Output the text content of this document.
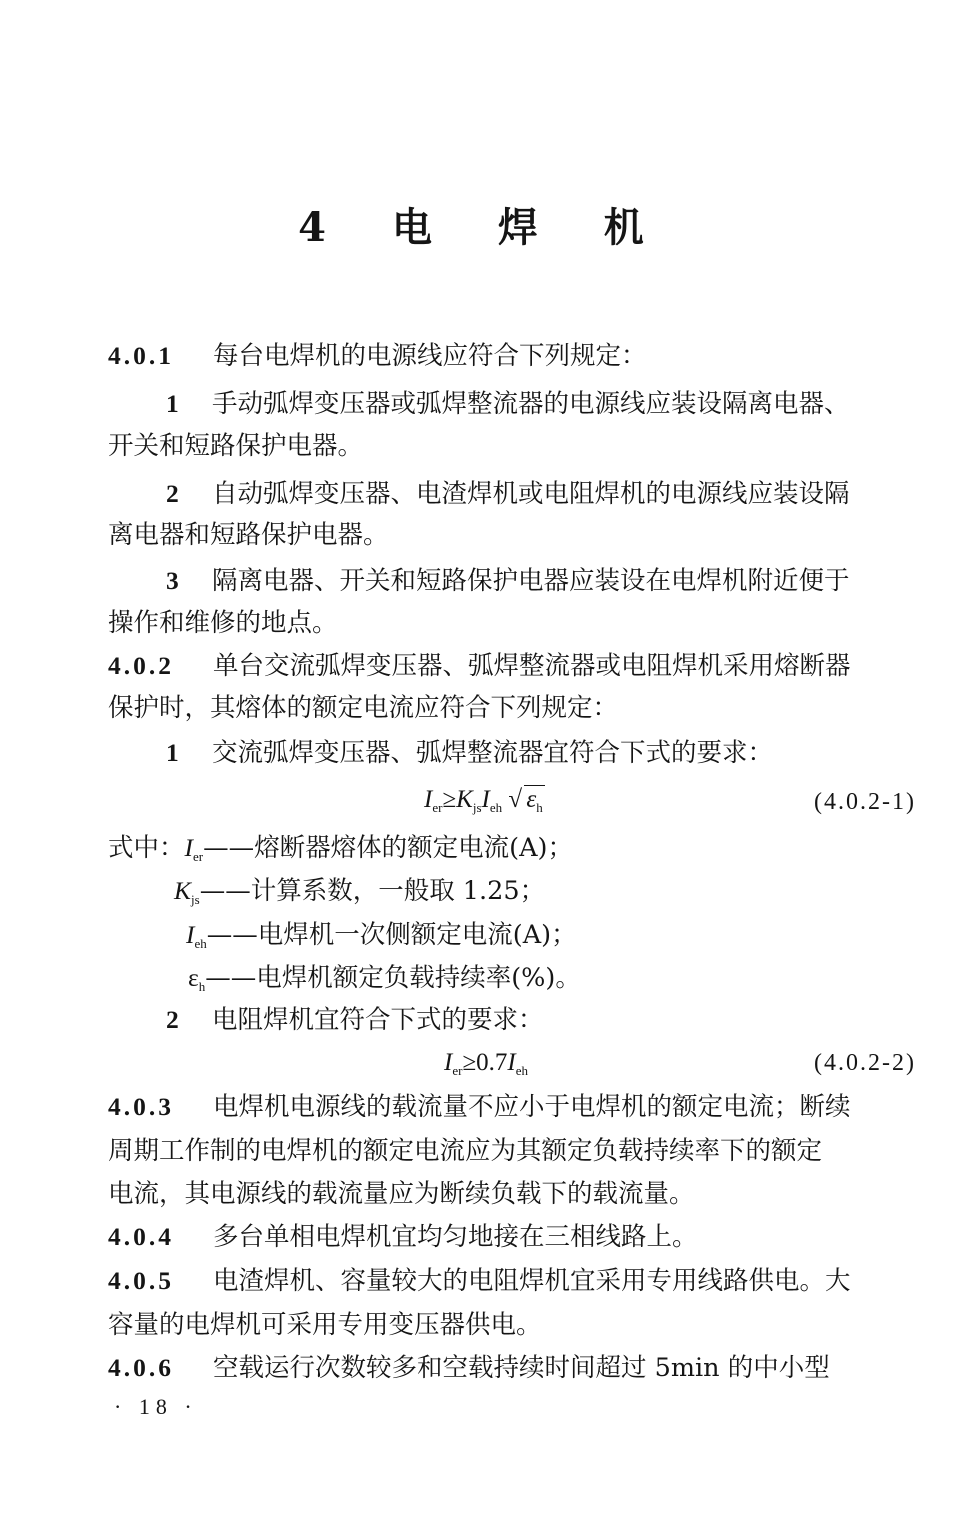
4 电 焊 机
4.0.1 每台电焊机的电源线应符合下列规定：
1 手动弧焊变压器或弧焊整流器的电源线应装设隔离电器、
开关和短路保护电器。
2 自动弧焊变压器、电渣焊机或电阻焊机的电源线应装设隔
离电器和短路保护电器。
3 隔离电器、开关和短路保护电器应装设在电焊机附近便于
操作和维修的地点。
4.0.2 单台交流弧焊变压器、弧焊整流器或电阻焊机采用熔断器
保护时，其熔体的额定电流应符合下列规定：
1 交流弧焊变压器、弧焊整流器宜符合下式的要求：
$I_{er}\ge K_{js}I_{eh}$ √ $\varepsilon_h$	(4.0.2-1)
式中：$I_{er}——$熔断器熔体的额定电流(A)；
$K_{js}——$计算系数，一般取 1.25；
$I_{eh}——$电焊机一次侧额定电流(A)；
$\varepsilon_h——$电焊机额定负载持续率(%)。
2 电阻焊机宜符合下式的要求：
$I_{er}\ge 0.7I_{eh}$	(4.0.2-2)
4.0.3 电焊机电源线的载流量不应小于电焊机的额定电流；断续
周期工作制的电焊机的额定电流应为其额定负载持续率下的额定
电流，其电源线的载流量应为断续负载下的载流量。
4.0.4 多台单相电焊机宜均匀地接在三相线路上。
4.0.5 电渣焊机、容量较大的电阻焊机宜采用专用线路供电。大
容量的电焊机可采用专用变压器供电。
4.0.6 空载运行次数较多和空载持续时间超过 5min 的中小型
· 18 ·
